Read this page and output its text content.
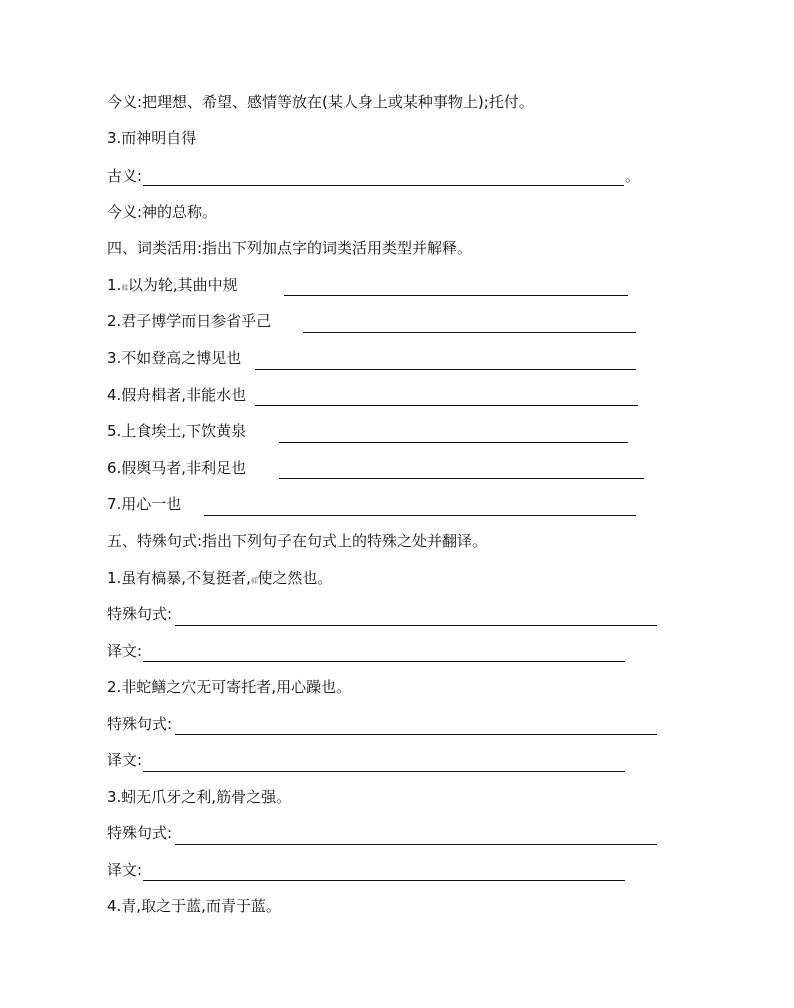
今义:把理想、希望、感情等放在(某人身上或某种事物上);托付。
3.而神明自得
古义:	。
今义:神的总称。
四、词类活用:指出下列加点字的词类活用类型并解释。
1.輮以为轮,其曲中规
2.君子博学而日参省乎己
3.不如登高之博见也
4.假舟楫者,非能水也
5.上食埃土,下饮黄泉
6.假舆马者,非利足也
7.用心一也
五、特殊句式:指出下列句子在句式上的特殊之处并翻译。
1.虽有槁暴,不复挺者,輮使之然也。
特殊句式:
译文:
2.非蛇鳝之穴无可寄托者,用心躁也。
特殊句式:
译文:
3.蚓无爪牙之利,筋骨之强。
特殊句式:
译文:
4.青,取之于蓝,而青于蓝。
